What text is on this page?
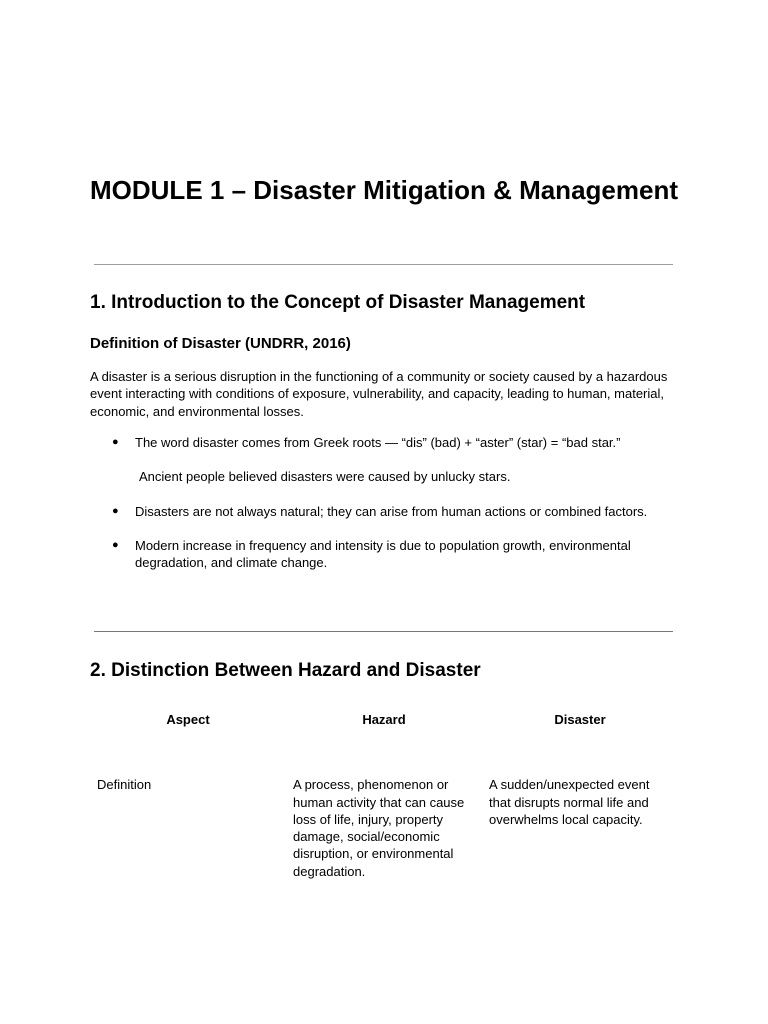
MODULE 1 – Disaster Mitigation & Management
1. Introduction to the Concept of Disaster Management
Definition of Disaster (UNDRR, 2016)

A disaster is a serious disruption in the functioning of a community or society caused by a hazardous event interacting with conditions of exposure, vulnerability, and capacity, leading to human, material, economic, and environmental losses.

● The word disaster comes from Greek roots — “dis” (bad) + “aster” (star) = “bad star.”
Ancient people believed disasters were caused by unlucky stars.
● Disasters are not always natural; they can arise from human actions or combined factors.
● Modern increase in frequency and intensity is due to population growth, environmental degradation, and climate change.
2. Distinction Between Hazard and Disaster
Aspect	Hazard	Disaster
Definition	A process, phenomenon or human activity that can cause loss of life, injury, property damage, social/economic disruption, or environmental degradation.	A sudden/unexpected event that disrupts normal life and overwhelms local capacity.
